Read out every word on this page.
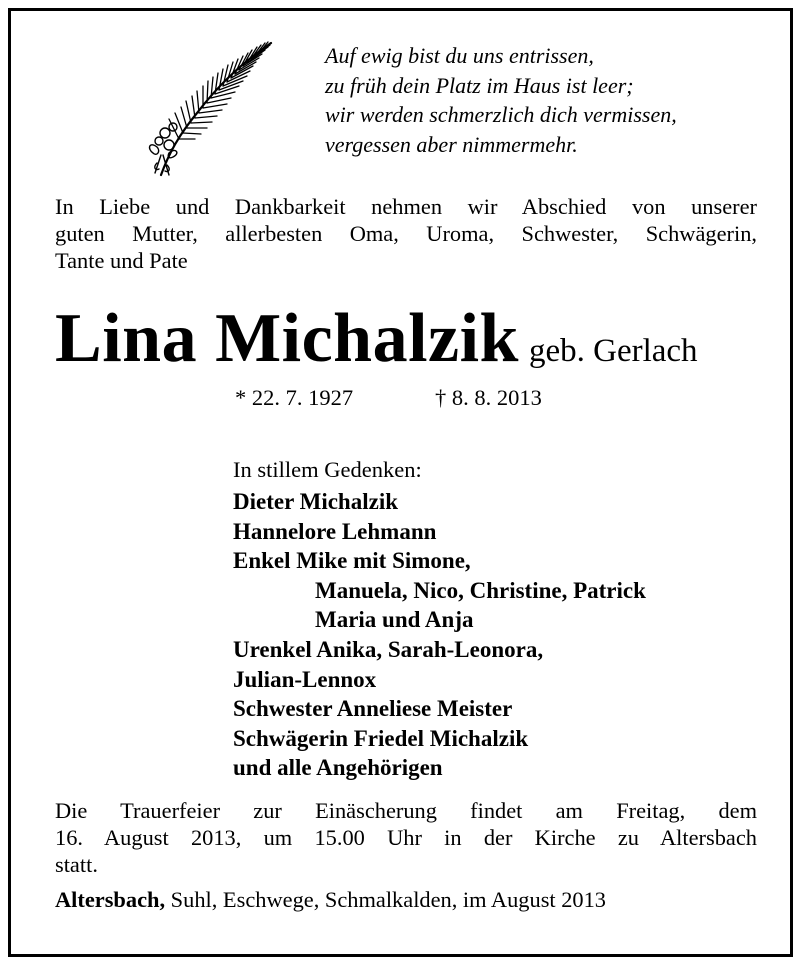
Auf ewig bist du uns entrissen,
zu früh dein Platz im Haus ist leer;
wir werden schmerzlich dich vermissen,
vergessen aber nimmermehr.
In Liebe und Dankbarkeit nehmen wir Abschied von unserer
guten Mutter, allerbesten Oma, Uroma, Schwester, Schwägerin,
Tante und Pate
Lina Michalzik geb. Gerlach
* 22. 7. 1927	† 8. 8. 2013
In stillem Gedenken:
Dieter Michalzik
Hannelore Lehmann
Enkel Mike mit Simone,
Manuela, Nico, Christine, Patrick
Maria und Anja
Urenkel Anika, Sarah-Leonora,
Julian-Lennox
Schwester Anneliese Meister
Schwägerin Friedel Michalzik
und alle Angehörigen
Die Trauerfeier zur Einäscherung findet am Freitag, dem
16. August 2013, um 15.00 Uhr in der Kirche zu Altersbach
statt.
Altersbach, Suhl, Eschwege, Schmalkalden, im August 2013
